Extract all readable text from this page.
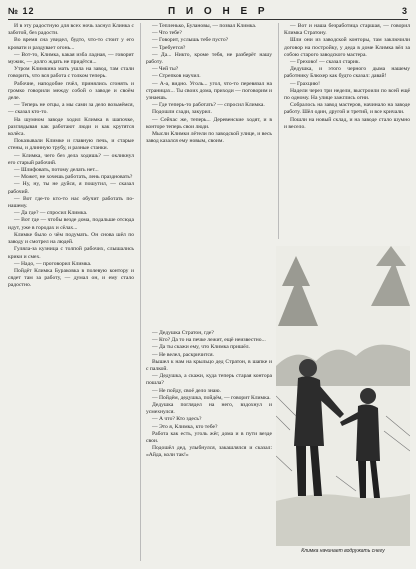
№ 12	П И О Н Е Р	3

И в эту радостную для всех ночь заснул Клинка с заботой, без радости.

Во время сна увидел, будто, что-то стоит у его кровати и раздувает огонь...

— Вот-то, Климка, какая изба ладная, — говорит мужик, — долго ждать не придётся...

Утром Климкина мать ушла на завод, там стали говорить, что вся работа с толком теперь.

Рабочие, наподобие пчёл, принялись сгонять и громко говорили между собой о заводе и своём деле.

— Теперь не отцы, а мы сами за дело возьмёмся, — сказал кто-то.

На шумном заводе ходил Климка в шапочке, разглядывая как работают люди и как крутятся колёса.

Показывали Климке и главную печь, и старые стены, и длинную трубу, и разные станки.

— Климка, чего без дела ходишь? — окликнул его старый рабочий.

— Шлифовать, потому делать нет...

— Может, не хочешь работать, лень праздновать?

— Ну, ну, ты не дуйся, я пошутил, — сказал рабочий.

— Вот где-то кто-то нас обучит работать по-нашему.

— Да где? — спросил Климка.

— Вот где — чтобы везде дома, подальше отсюда идут, уже в городах и сёлах...

Климке было о чём подумать. Он снова шёл по заводу и смотрел на людей.

Гуляла-за кузница с толпой рабочих, слышались крики и смех.

— Надо, — проговорил Климка.

Пойдёт Климка Бураковка в полевую контору и сядет там за работу, — думал он, и ему стало радостно.

— Тепленько, Булановы, — позвал Климка.

— Что тебе?

— Говорит, услышь тебе пусто?

— Требуется?

— Да... Никто, кроме тебя, не разберёт нашу работу.

— Чей ты?

— Стрепков научил.

— А-а, видно. Уголь... угол, что-то перевязал на страницах... Ты своих дома, приходи — поговорим и узнаешь.

— Где теперь-то работать? — спросил Климка.

Подошли сзади, закурил.

— Сейчас же, теперь... Деревенские ходят, и в конторе теперь свои люди.

Мысли Климки лётели по заводской улице, и весь завод казался ему новым, своим.

— Дедушка Стратон, где?

— Кто? Да то на печке лежит, ещё неизвестно...

— Да ты скажи ему, что Климка пришёл.

— Не велел, раскричится.

Вышел к нам на крыльцо дед Стратон, в шапке и с палкой.

— Дедушка, а скажи, куда теперь старая контора пошла?

— Не пойду, своё дело знаю.

— Пойдём, дедушка, пойдём, — говорит Климка.

Дедушка поглядел на него, вздохнул и усмехнулся.

— А что? Кто здесь?

— Это я, Климка, кто тебе?

Работа как есть, уголь жёг, дома и в пути везде свои.

Подошёл дед, улыбнулся, закашлялся и сказал: «Айда, коли так!»

— Вот и наша безработица старшая, — говорил Климка Стратону.

Шли они из заводской конторы, там заключили договор на постройку, у деда в доме Климка вёл за собою старого заводского мастера.

— Грехово! — сказал старик.

Дедушка, и этого черного дыма нашему работнику Блюхер как будто сказал: давай!

— Грахцию!

Надели через три недели, выстроили по всей ещё по одному. На улице зажглись огни.

Собралось на завод мастеров, начинало на заводе работу. Шёл один, другой и третий, и все кричали.

Пошли на новый склад, и на заводе стало шумно и весело.

Климка начинает водружать снегу
